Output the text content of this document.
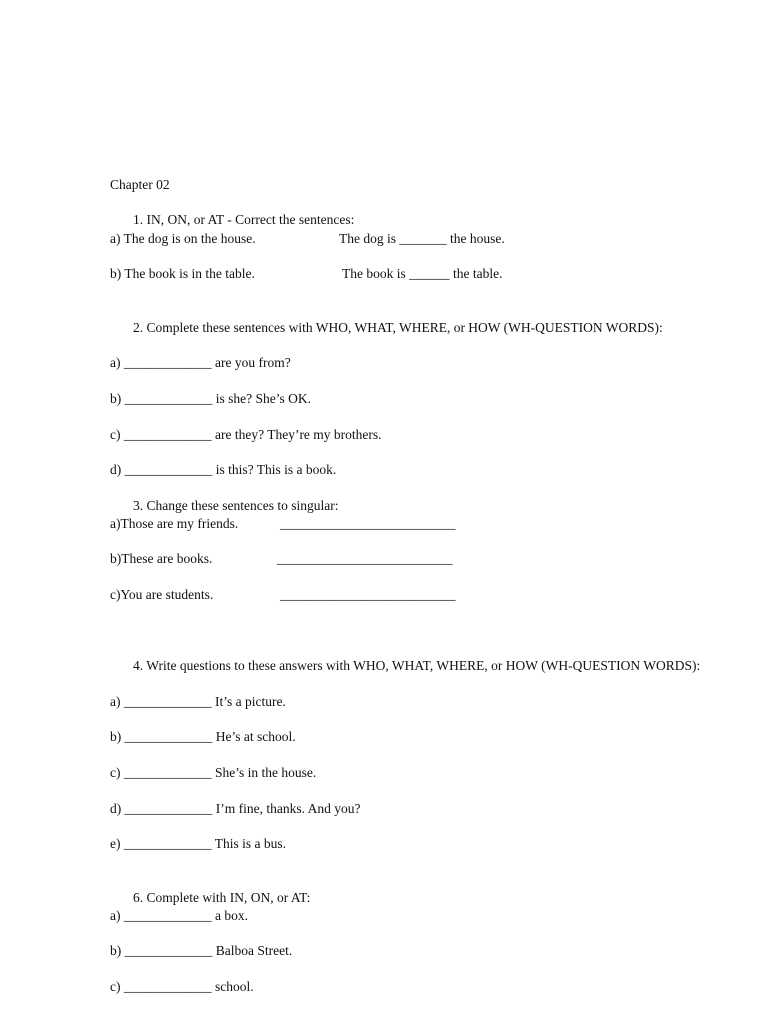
Chapter 02
1. IN, ON, or AT - Correct the sentences:
a) The dog is on the house.	The dog is _______ the house.
b) The book is in the table.	The book is ______ the table.
2. Complete these sentences with WHO, WHAT, WHERE, or HOW (WH-QUESTION WORDS):
a) _____________ are you from?
b) _____________ is she? She’s OK.
c) _____________ are they? They’re my brothers.
d) _____________ is this? This is a book.
3. Change these sentences to singular:
a)Those are my friends.	__________________________
b)These are books.	__________________________
c)You are students.	__________________________
4. Write questions to these answers with WHO, WHAT, WHERE, or HOW (WH-QUESTION WORDS):
a) _____________ It’s a picture.
b) _____________ He’s at school.
c) _____________ She’s in the house.
d) _____________ I’m fine, thanks. And you?
e) _____________ This is a bus.
6. Complete with IN, ON, or AT:
a) _____________ a box.
b) _____________ Balboa Street.
c) _____________ school.
